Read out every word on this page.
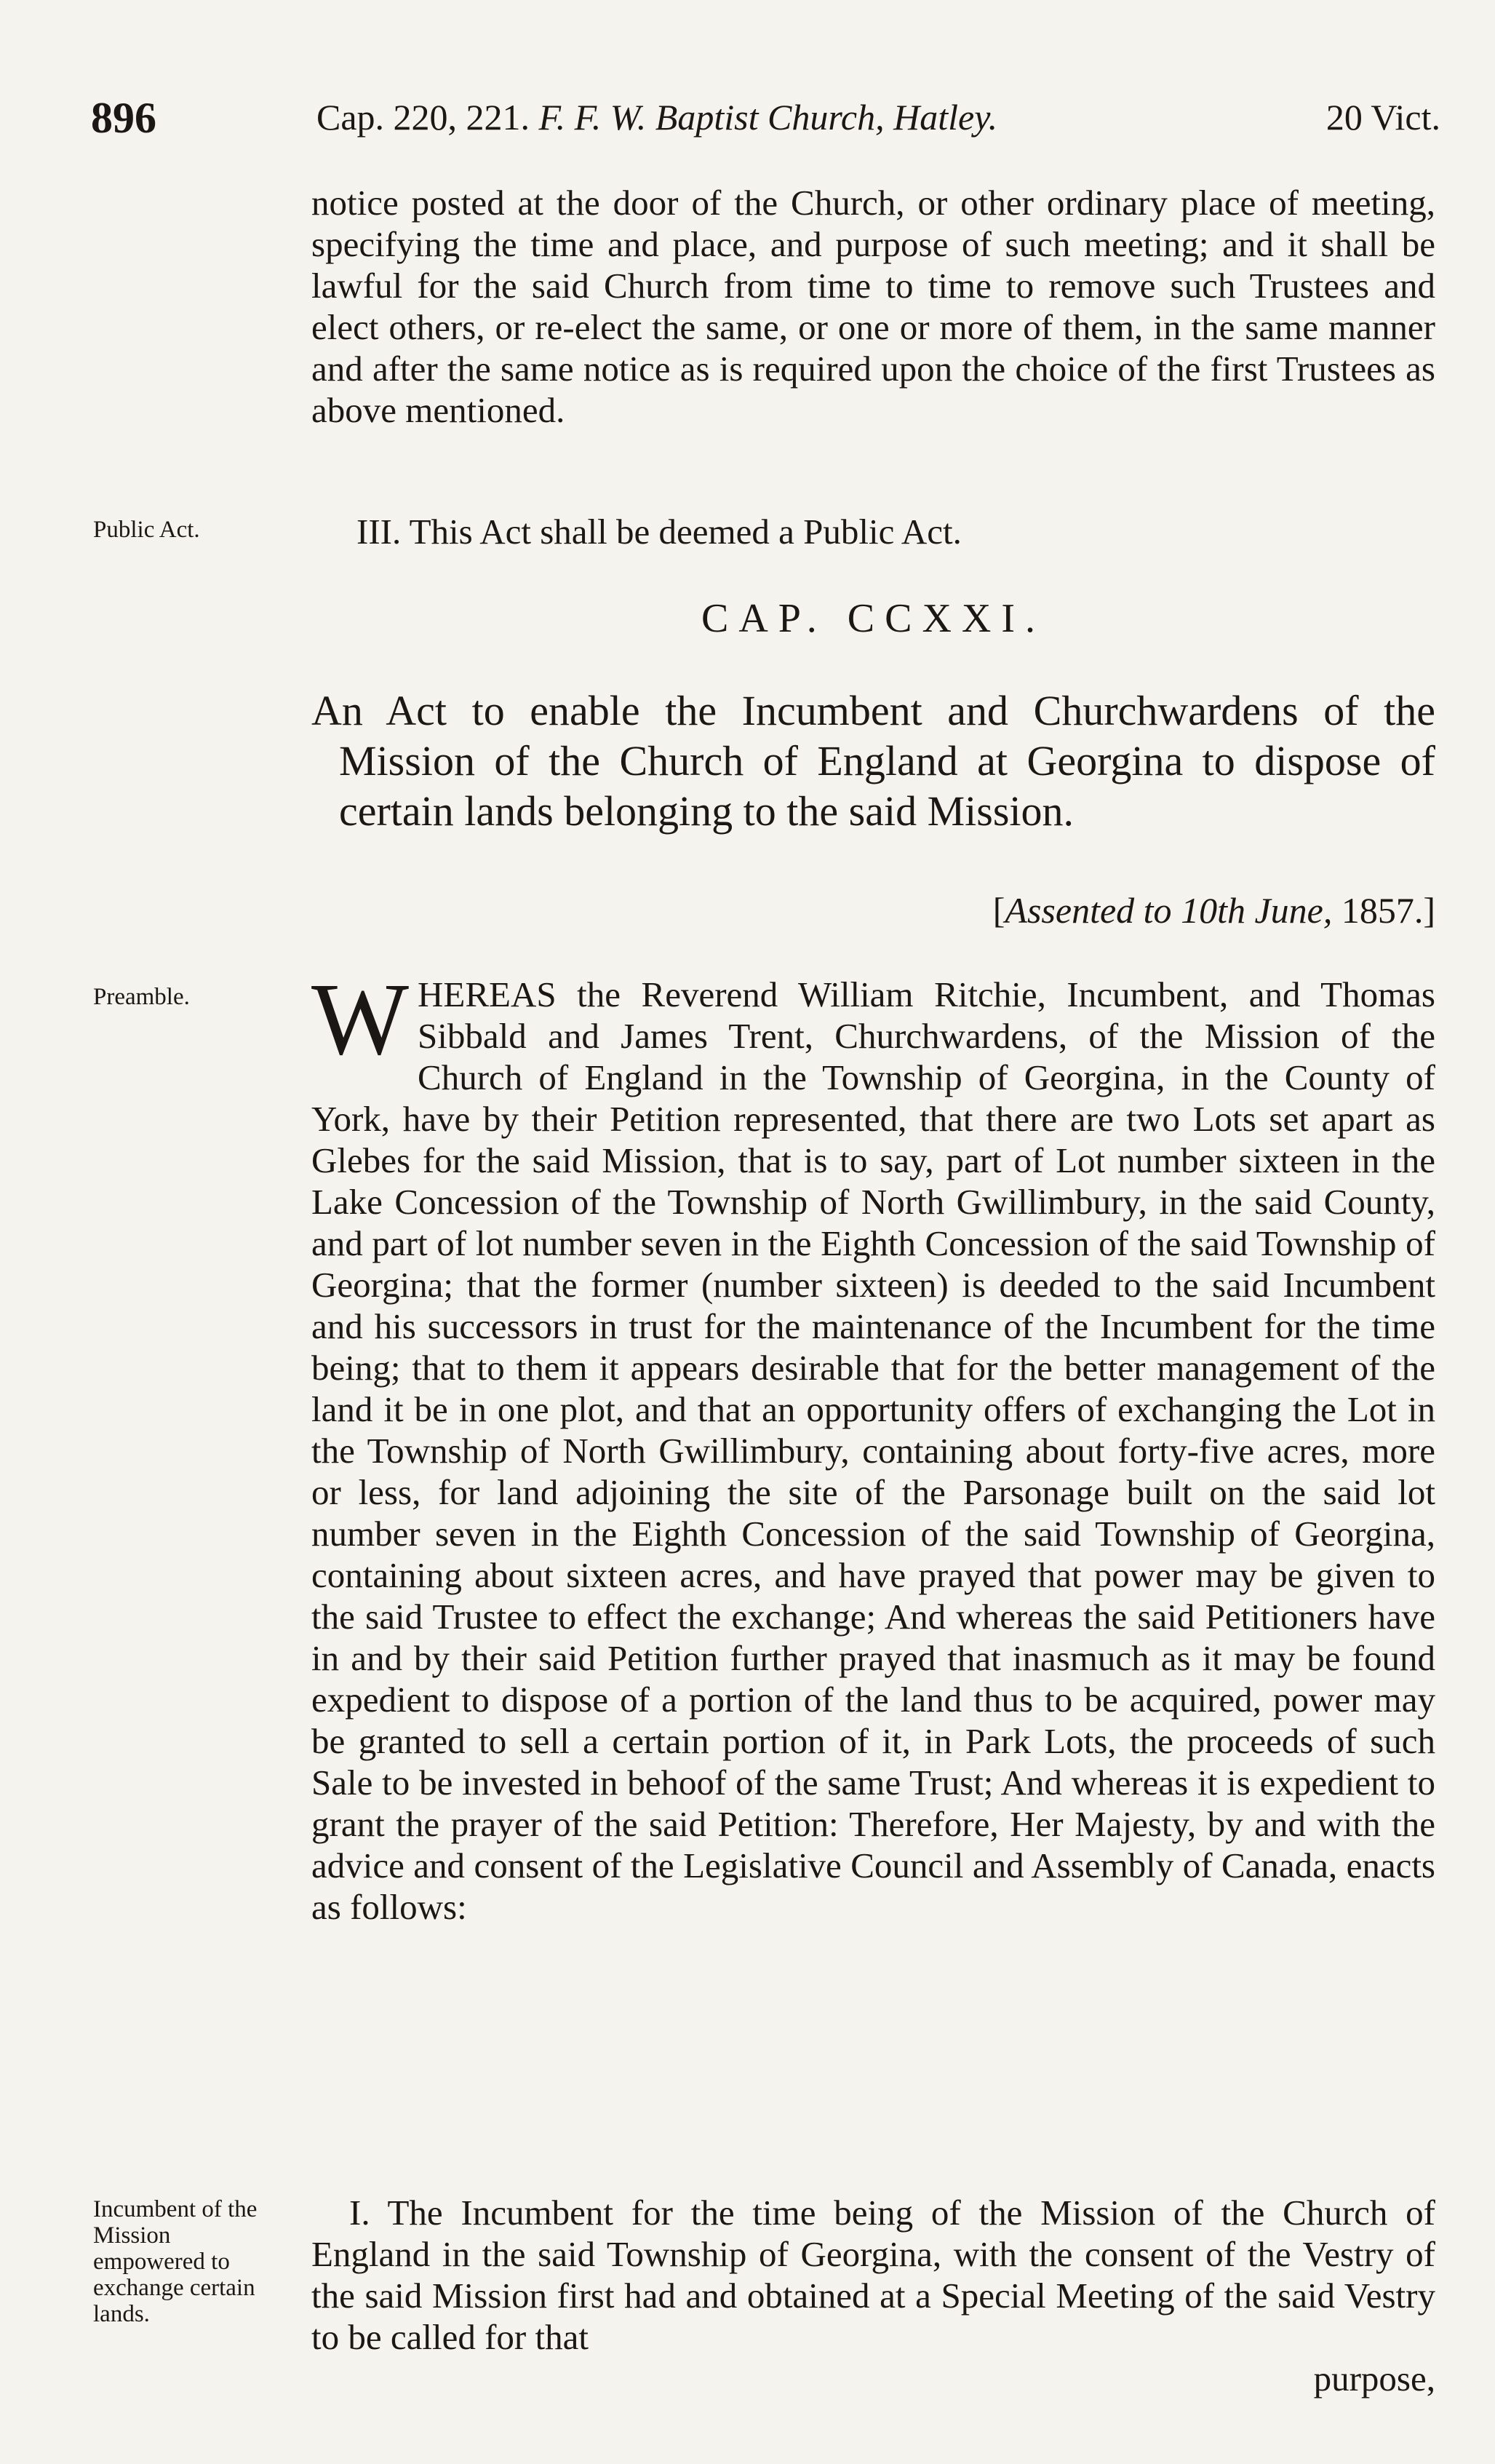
896	Cap. 220, 221. F. F. W. Baptist Church, Hatley.	20 Vict.
notice posted at the door of the Church, or other ordinary place of meeting, specifying the time and place, and purpose of such meeting; and it shall be lawful for the said Church from time to time to remove such Trustees and elect others, or re-elect the same, or one or more of them, in the same manner and after the same notice as is required upon the choice of the first Trustees as above mentioned.
Public Act.	III. This Act shall be deemed a Public Act.
CAP. CCXXI.
An Act to enable the Incumbent and Churchwardens of the Mission of the Church of England at Georgina to dispose of certain lands belonging to the said Mission.
[Assented to 10th June, 1857.]
Preamble.	WHEREAS the Reverend William Ritchie, Incumbent, and Thomas Sibbald and James Trent, Churchwardens, of the Mission of the Church of England in the Township of Georgina, in the County of York, have by their Petition represented, that there are two Lots set apart as Glebes for the said Mission, that is to say, part of Lot number sixteen in the Lake Concession of the Township of North Gwillimbury, in the said County, and part of lot number seven in the Eighth Concession of the said Township of Georgina; that the former (number sixteen) is deeded to the said Incumbent and his successors in trust for the maintenance of the Incumbent for the time being; that to them it appears desirable that for the better management of the land it be in one plot, and that an opportunity offers of exchanging the Lot in the Township of North Gwillimbury, containing about forty-five acres, more or less, for land adjoining the site of the Parsonage built on the said lot number seven in the Eighth Concession of the said Township of Georgina, containing about sixteen acres, and have prayed that power may be given to the said Trustee to effect the exchange; And whereas the said Petitioners have in and by their said Petition further prayed that inasmuch as it may be found expedient to dispose of a portion of the land thus to be acquired, power may be granted to sell a certain portion of it, in Park Lots, the proceeds of such Sale to be invested in behoof of the same Trust; And whereas it is expedient to grant the prayer of the said Petition: Therefore, Her Majesty, by and with the advice and consent of the Legislative Council and Assembly of Canada, enacts as follows:
Incumbent of the Mission empowered to exchange certain lands.
I. The Incumbent for the time being of the Mission of the Church of England in the said Township of Georgina, with the consent of the Vestry of the said Mission first had and obtained at a Special Meeting of the said Vestry to be called for that
purpose,
